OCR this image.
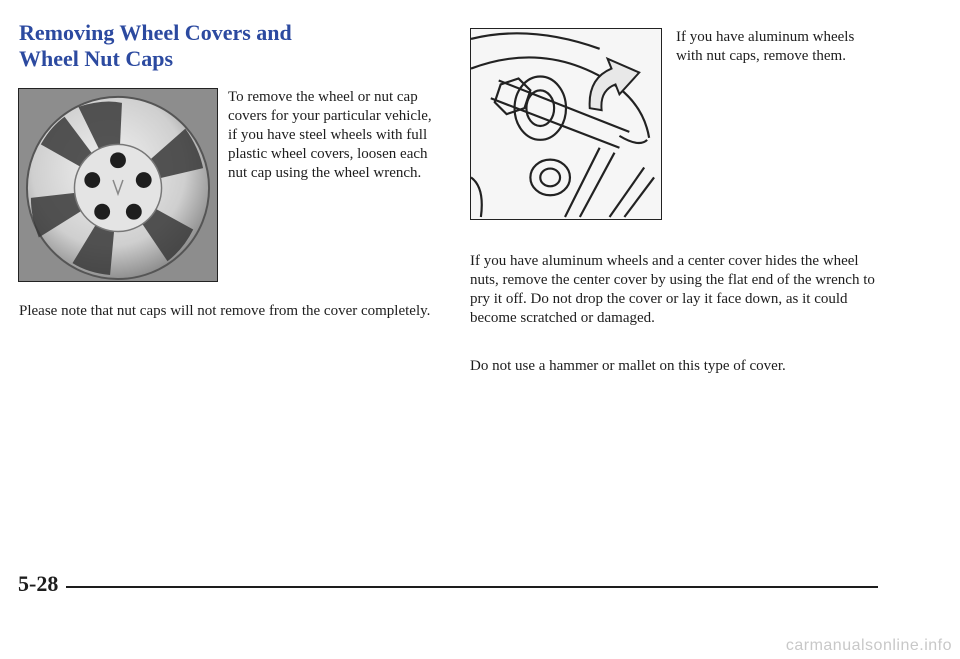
Removing Wheel Covers and
Wheel Nut Caps

To remove the wheel or nut cap covers for your particular vehicle, if you have steel wheels with full plastic wheel covers, loosen each nut cap using the wheel wrench.

Please note that nut caps will not remove from the cover completely.

If you have aluminum wheels with nut caps, remove them.

If you have aluminum wheels and a center cover hides the wheel nuts, remove the center cover by using the flat end of the wrench to pry it off. Do not drop the cover or lay it face down, as it could become scratched or damaged.

Do not use a hammer or mallet on this type of cover.

5-28

carmanualsonline.info
